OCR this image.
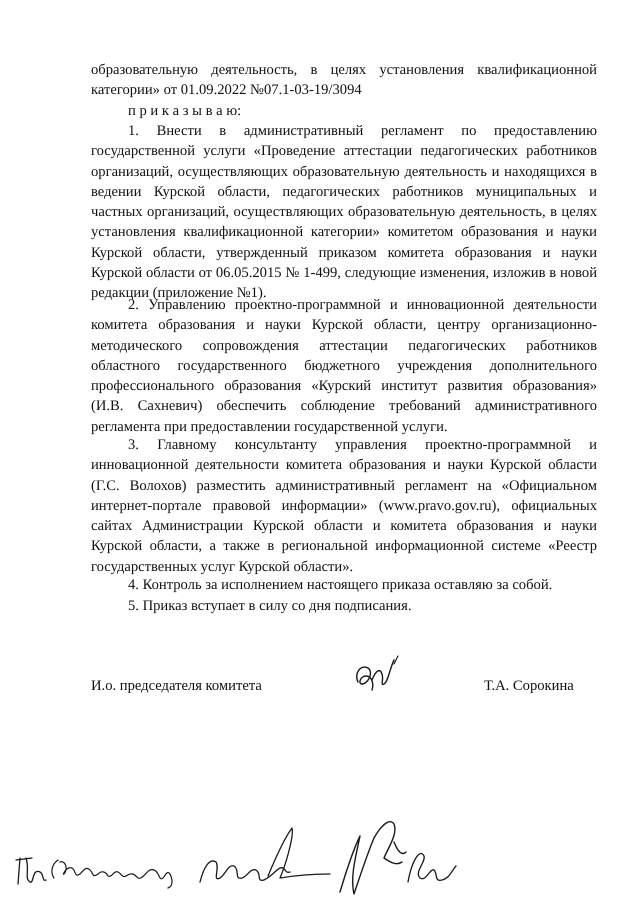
образовательную деятельность, в целях установления квалификационной категории» от 01.09.2022 №07.1-03-19/3094

п р и к а з ы в а ю:

1. Внести в административный регламент по предоставлению государственной услуги «Проведение аттестации педагогических работников организаций, осуществляющих образовательную деятельность и находящихся в ведении Курской области, педагогических работников муниципальных и частных организаций, осуществляющих образовательную деятельность, в целях установления квалификационной категории» комитетом образования и науки Курской области, утвержденный приказом комитета образования и науки Курской области от 06.05.2015 № 1-499, следующие изменения, изложив в новой редакции (приложение №1).

2. Управлению проектно-программной и инновационной деятельности комитета образования и науки Курской области, центру организационно-методического сопровождения аттестации педагогических работников областного государственного бюджетного учреждения дополнительного профессионального образования «Курский институт развития образования» (И.В. Сахневич) обеспечить соблюдение требований административного регламента при предоставлении государственной услуги.

3. Главному консультанту управления проектно-программной и инновационной деятельности комитета образования и науки Курской области (Г.С. Волохов) разместить административный регламент на «Официальном интернет-портале правовой информации» (www.pravo.gov.ru), официальных сайтах Администрации Курской области и комитета образования и науки Курской области, а также в региональной информационной системе «Реестр государственных услуг Курской области».

4. Контроль за исполнением настоящего приказа оставляю за собой.

5. Приказ вступает в силу со дня подписания.

И.о. председателя комитета	Т.А. Сорокина
